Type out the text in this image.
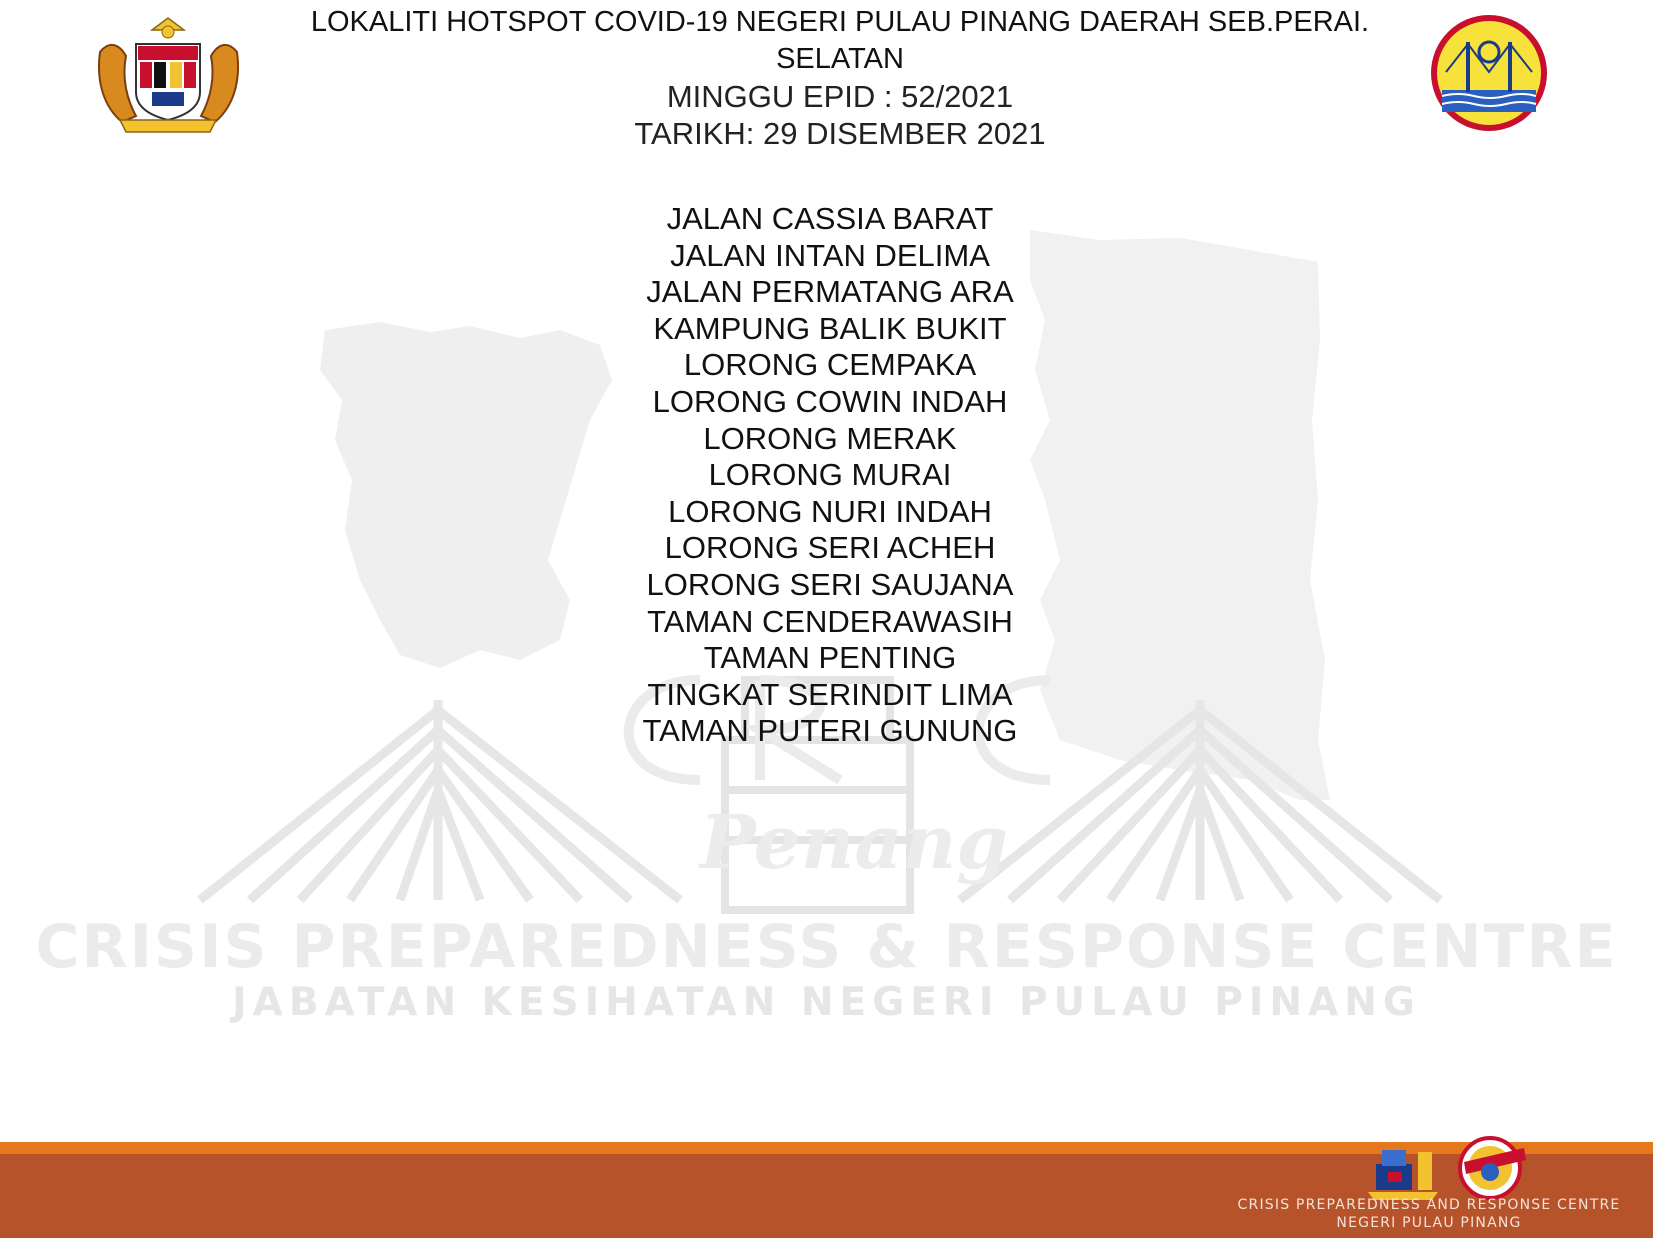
Penang
CRISIS PREPAREDNESS & RESPONSE CENTRE
JABATAN KESIHATAN NEGERI PULAU PINANG
LOKALITI HOTSPOT COVID-19 NEGERI PULAU PINANG DAERAH SEB.PERAI.
SELATAN
MINGGU EPID : 52/2021
TARIKH: 29 DISEMBER 2021
JALAN CASSIA BARAT
JALAN INTAN DELIMA
JALAN PERMATANG ARA
KAMPUNG BALIK BUKIT
LORONG CEMPAKA
LORONG COWIN INDAH
LORONG MERAK
LORONG MURAI
LORONG NURI INDAH
LORONG SERI ACHEH
LORONG SERI SAUJANA
TAMAN CENDERAWASIH
TAMAN PENTING
TINGKAT SERINDIT LIMA
TAMAN PUTERI GUNUNG
CRISIS PREPAREDNESS AND RESPONSE CENTRE
NEGERI PULAU PINANG
